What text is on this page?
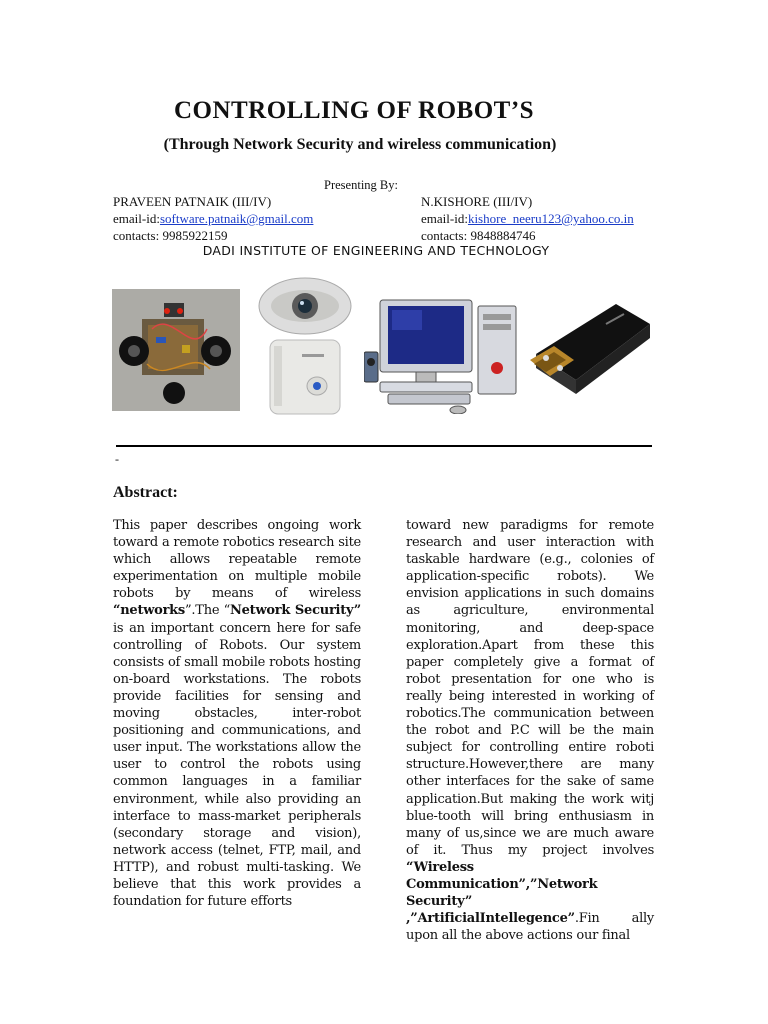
CONTROLLING OF ROBOT’S
(Through Network Security and wireless communication)
Presenting By:
PRAVEEN PATNAIK (III/IV)
email-id:software.patnaik@gmail.com
contacts: 9985922159
N.KISHORE (III/IV)
email-id:kishore_neeru123@yahoo.co.in
contacts: 9848884746
DADI INSTITUTE OF ENGINEERING AND TECHNOLOGY
-
Abstract:
This paper describes ongoing work toward a remote robotics research site which allows repeatable remote experimentation on multiple mobile robots by means of wireless “networks”.The “Network Security” is an important concern here for safe controlling of Robots. Our system consists of small mobile robots hosting on-board workstations. The robots provide facilities for sensing and moving obstacles, inter-robot positioning and communications, and user input. The workstations allow the user to control the robots using common languages in a familiar environment, while also providing an interface to mass-market peripherals (secondary storage and vision), network access (telnet, FTP, mail, and HTTP), and robust multi-tasking. We believe that this work provides a foundation for future efforts
toward new paradigms for remote research and user interaction with taskable hardware (e.g., colonies of application-specific robots). We envision applications in such domains as agriculture, environmental monitoring, and deep-space exploration.Apart from these this paper completely give a format of robot presentation for one who is really being interested in working of robotics.The communication between the robot and P.C will be the main subject for controlling entire roboti structure.However,there are many other interfaces for the sake of same application.But making the work witj blue-tooth will bring enthusiasm in many of us,since we are much aware of it. Thus my project involves “Wireless Communication”,”Network Security” ,”ArtificialIntellegence”.Fin ally upon all the above actions our final
